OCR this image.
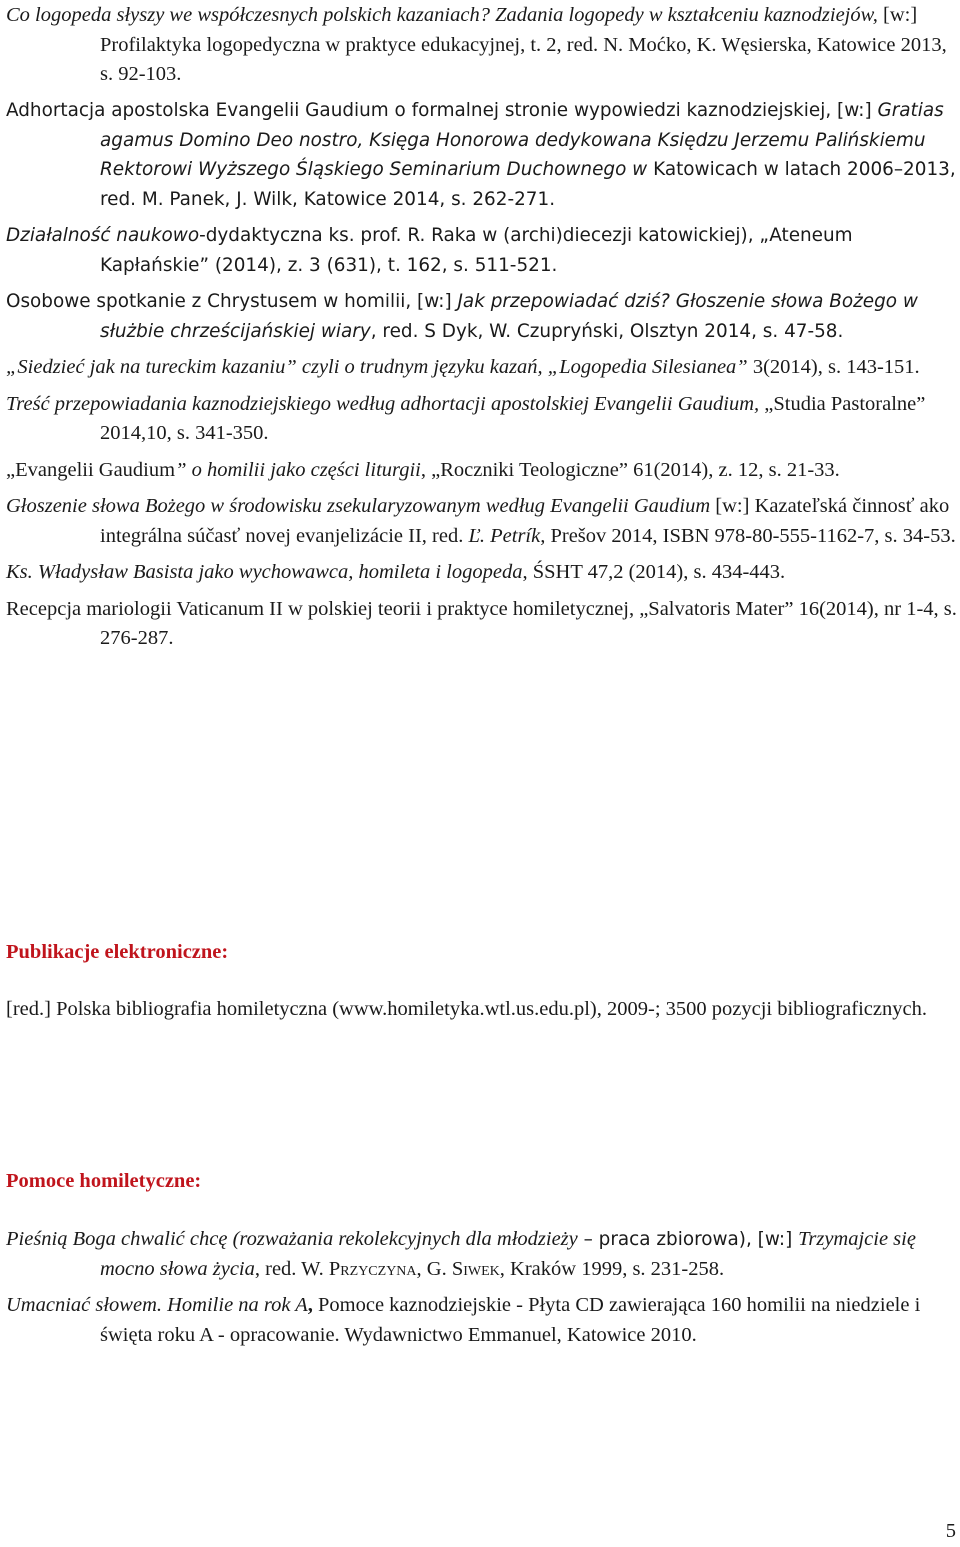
Co logopeda słyszy we współczesnych polskich kazaniach? Zadania logopedy w kształceniu kaznodziejów, [w:] Profilaktyka logopedyczna w praktyce edukacyjnej, t. 2, red. N. Moćko, K. Węsierska, Katowice 2013, s. 92-103.

Adhortacja apostolska Evangelii Gaudium o formalnej stronie wypowiedzi kaznodziejskiej, [w:] Gratias agamus Domino Deo nostro, Księga Honorowa dedykowana Księdzu Jerzemu Palińskiemu Rektorowi Wyższego Śląskiego Seminarium Duchownego w Katowicach w latach 2006–2013, red. M. Panek, J. Wilk, Katowice 2014, s. 262-271.

Działalność naukowo-dydaktyczna ks. prof. R. Raka w (archi)diecezji katowickiej), „Ateneum Kapłańskie” (2014), z. 3 (631), t. 162, s. 511-521.

Osobowe spotkanie z Chrystusem w homilii, [w:] Jak przepowiadać dziś? Głoszenie słowa Bożego w służbie chrześcijańskiej wiary, red. S Dyk, W. Czupryński, Olsztyn 2014, s. 47-58.

„Siedzieć jak na tureckim kazaniu” czyli o trudnym języku kazań, „Logopedia Silesianea” 3(2014), s. 143-151.

Treść przepowiadania kaznodziejskiego według adhortacji apostolskiej Evangelii Gaudium, „Studia Pastoralne” 2014,10, s. 341-350.

„Evangelii Gaudium” o homilii jako części liturgii, „Roczniki Teologiczne” 61(2014), z. 12, s. 21-33.

Głoszenie słowa Bożego w środowisku zsekularyzowanym według Evangelii Gaudium [w:] Kazateľská činnosť ako integrálna súčasť novej evanjelizácie II, red. Ľ. Petrík, Prešov 2014, ISBN 978-80-555-1162-7, s. 34-53.

Ks. Władysław Basista jako wychowawca, homileta i logopeda, ŚSHT 47,2 (2014), s. 434-443.

Recepcja mariologii Vaticanum II w polskiej teorii i praktyce homiletycznej, „Salvatoris Mater” 16(2014), nr 1-4, s. 276-287.

Publikacje elektroniczne:

[red.] Polska bibliografia homiletyczna (www.homiletyka.wtl.us.edu.pl), 2009-; 3500 pozycji bibliograficznych.

Pomoce homiletyczne:

Pieśnią Boga chwalić chcę (rozważania rekolekcyjnych dla młodzieży – praca zbiorowa), [w:] Trzymajcie się mocno słowa życia, red. W. Przyczyna, G. Siwek, Kraków 1999, s. 231-258.

Umacniać słowem. Homilie na rok A, Pomoce kaznodziejskie - Płyta CD zawierająca 160 homilii na niedziele i święta roku A - opracowanie. Wydawnictwo Emmanuel, Katowice 2010.

5
